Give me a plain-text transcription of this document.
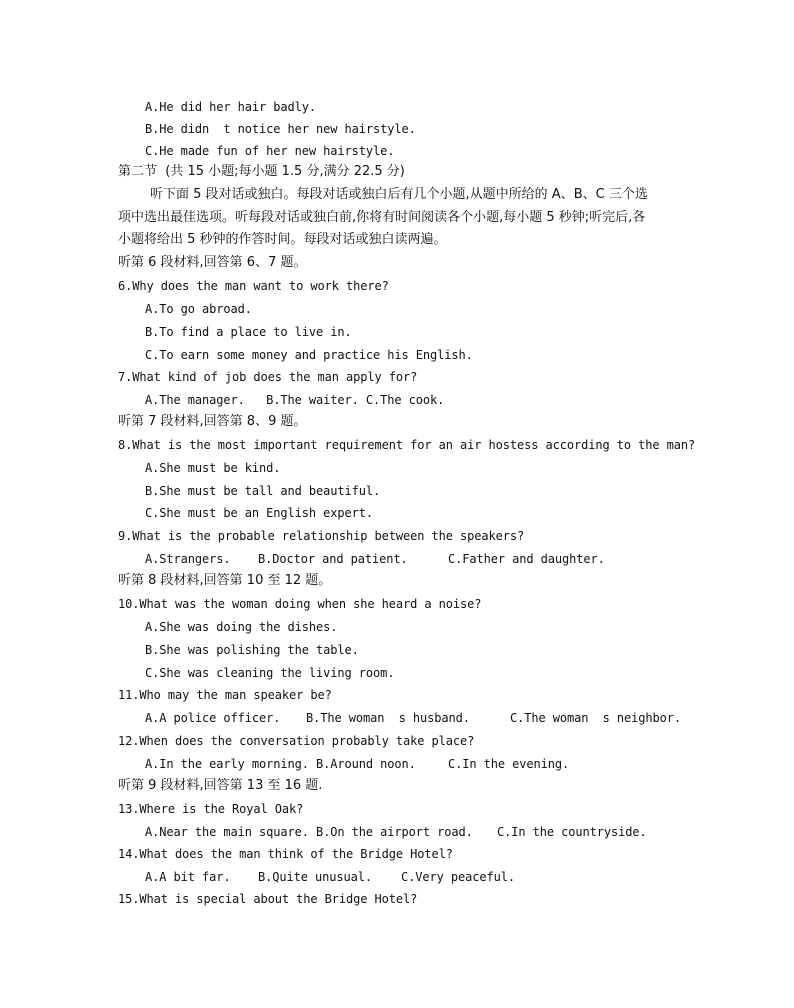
A.He did her hair badly.
B.He didn  t notice her new hairstyle.
C.He made fun of her new hairstyle.
第二节  (共 15 小题;每小题 1.5 分,满分 22.5 分)
听下面 5 段对话或独白。每段对话或独白后有几个小题,从题中所给的 A、B、C 三个选
项中选出最佳选项。听每段对话或独白前,你将有时间阅读各个小题,每小题 5 秒钟;听完后,各
小题将给出 5 秒钟的作答时间。每段对话或独白读两遍。
听第 6 段材料,回答第 6、7 题。
6.Why does the man want to work there?
A.To go abroad.
B.To find a place to live in.
C.To earn some money and practice his English.
7.What kind of job does the man apply for?
A.The manager.   B.The waiter. C.The cook.
听第 7 段材料,回答第 8、9 题。
8.What is the most important requirement for an air hostess according to the man?
A.She must be kind.
B.She must be tall and beautiful.
C.She must be an English expert.
9.What is the probable relationship between the speakers?
A.Strangers. B.Doctor and patient.	C.Father and daughter.
听第 8 段材料,回答第 10 至 12 题。
10.What was the woman doing when she heard a noise?
A.She was doing the dishes.
B.She was polishing the table.
C.She was cleaning the living room.
11.Who may the man speaker be?
A.A police officer. B.The woman  s husband.	C.The woman  s neighbor.
12.When does the conversation probably take place?
A.In the early morning. B.Around noon.	C.In the evening.
听第 9 段材料,回答第 13 至 16 题.
13.Where is the Royal Oak?
A.Near the main square. B.On the airport road. C.In the countryside.
14.What does the man think of the Bridge Hotel?
A.A bit far. B.Quite unusual. C.Very peaceful.
15.What is special about the Bridge Hotel?
